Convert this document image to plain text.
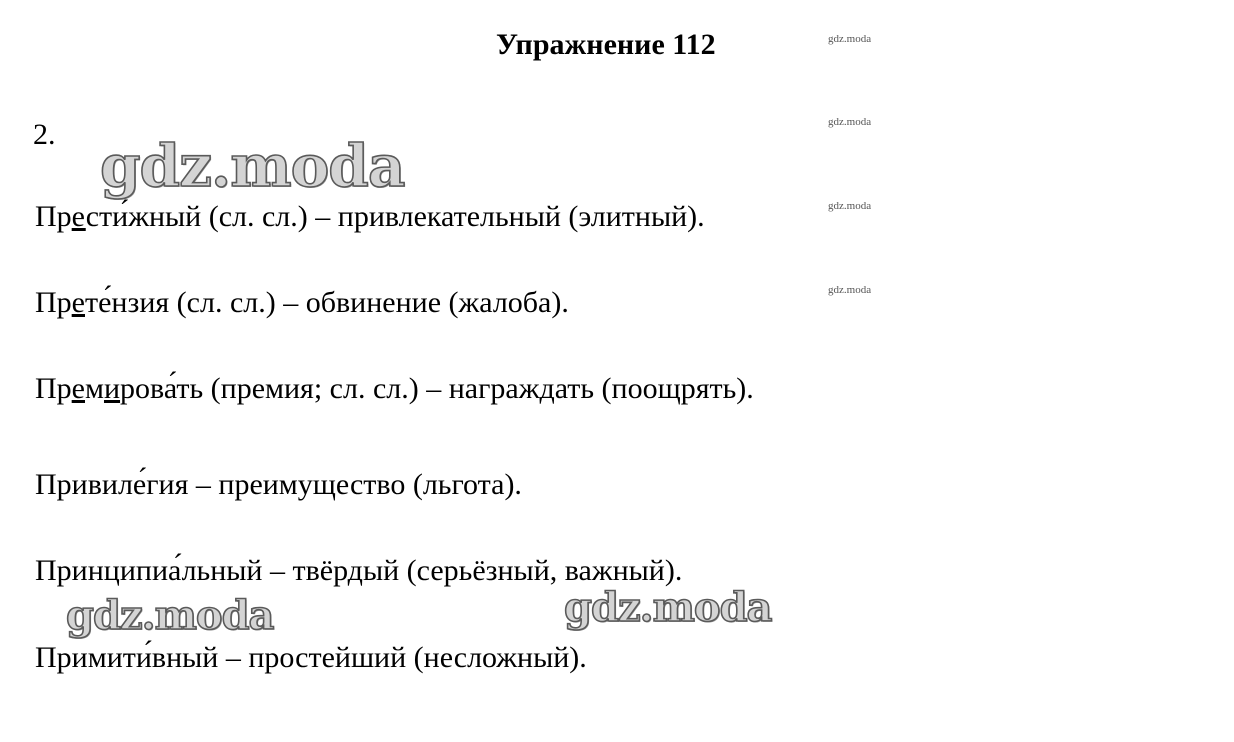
Упражнение 112
2.
Прести́жный (сл. сл.) – привлекательный (элитный).
Прете́нзия (сл. сл.) – обвинение (жалоба).
Премирова́ть (премия; сл. сл.) – награждать (поощрять).
Привиле́гия – преимущество (льгота).
Принципиа́льный – твёрдый (серьёзный, важный).
Примити́вный – простейший (несложный).
gdz.moda
gdz.moda
gdz.moda
gdz.moda
gdz.moda
gdz.moda	gdz.moda
